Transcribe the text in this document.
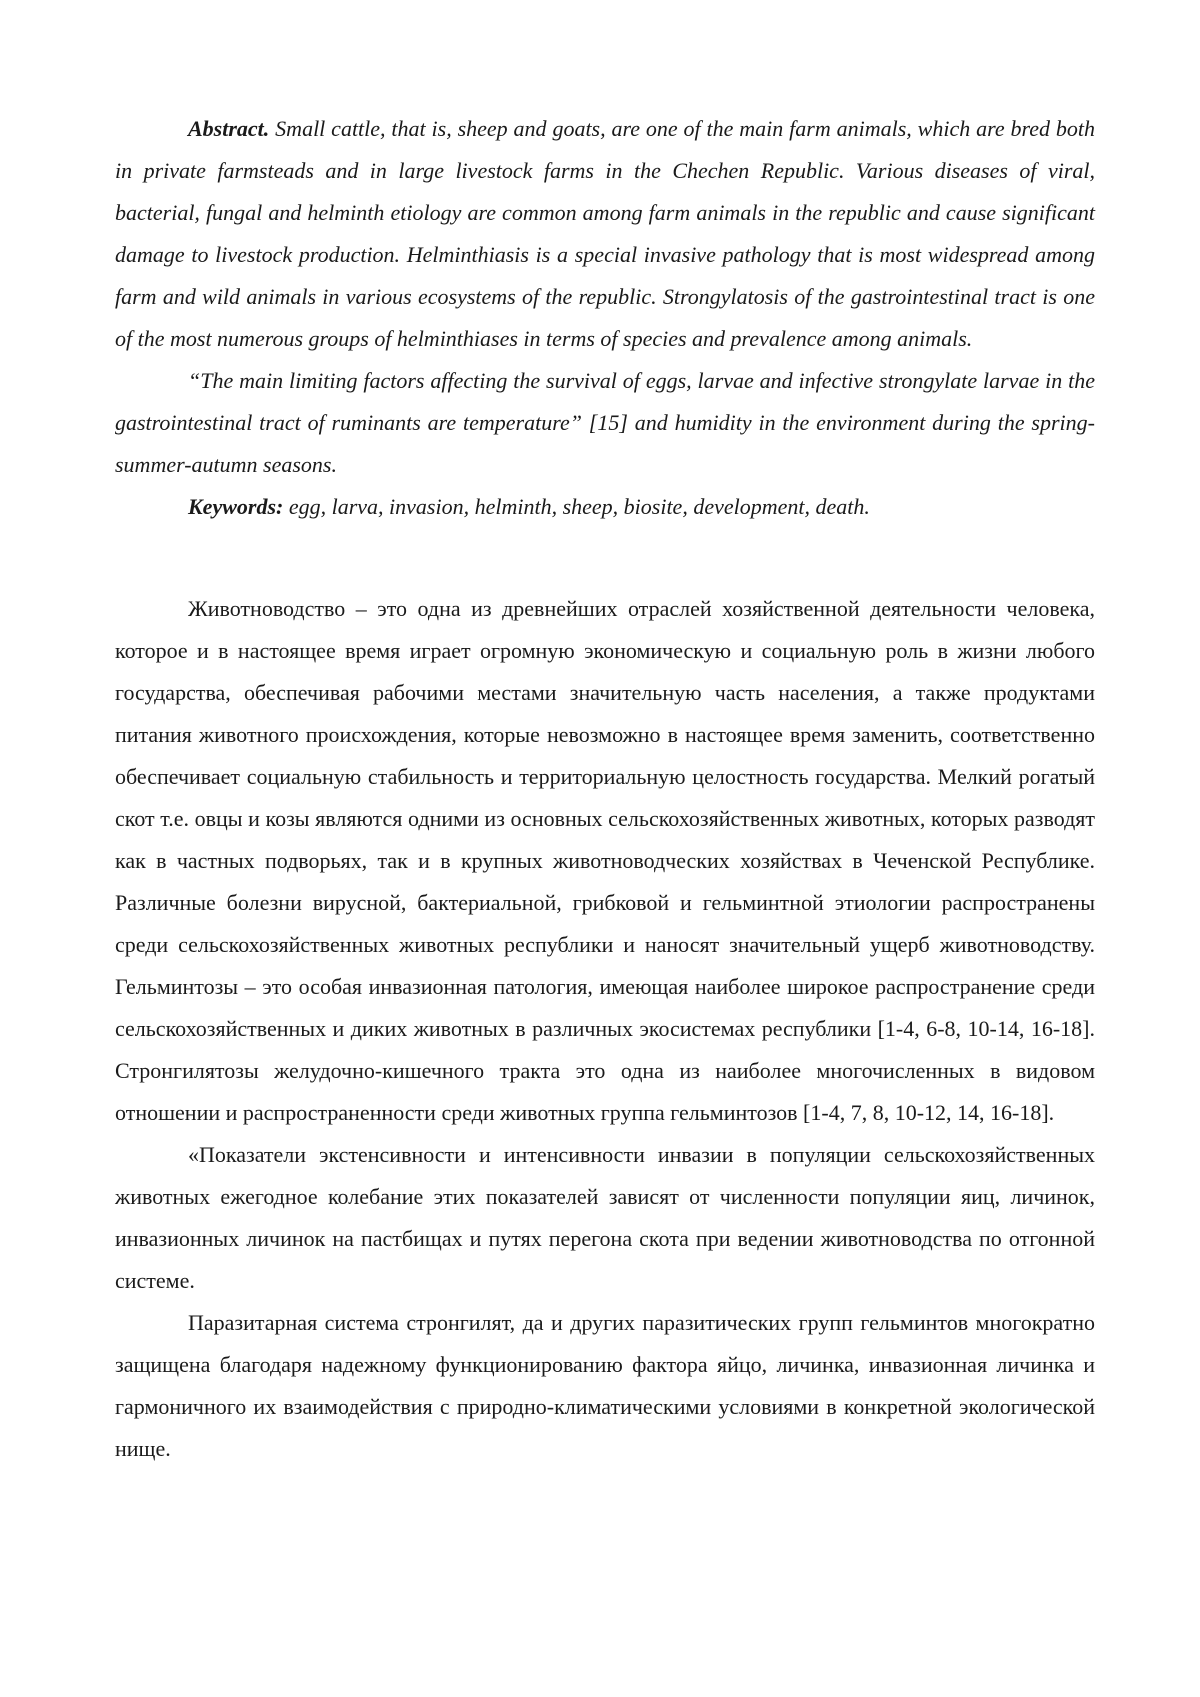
Abstract. Small cattle, that is, sheep and goats, are one of the main farm animals, which are bred both in private farmsteads and in large livestock farms in the Chechen Republic. Various diseases of viral, bacterial, fungal and helminth etiology are common among farm animals in the republic and cause significant damage to livestock production. Helminthiasis is a special invasive pathology that is most widespread among farm and wild animals in various ecosystems of the republic. Strongylatosis of the gastrointestinal tract is one of the most numerous groups of helminthiases in terms of species and prevalence among animals.

“The main limiting factors affecting the survival of eggs, larvae and infective strongylate larvae in the gastrointestinal tract of ruminants are temperature” [15] and humidity in the environment during the spring-summer-autumn seasons.

Keywords: egg, larva, invasion, helminth, sheep, biosite, development, death.

Животноводство – это одна из древнейших отраслей хозяйственной деятельности человека, которое и в настоящее время играет огромную экономическую и социальную роль в жизни любого государства, обеспечивая рабочими местами значительную часть населения, а также продуктами питания животного происхождения, которые невозможно в настоящее время заменить, соответственно обеспечивает социальную стабильность и территориальную целостность государства. Мелкий рогатый скот т.е. овцы и козы являются одними из основных сельскохозяйственных животных, которых разводят как в частных подворьях, так и в крупных животноводческих хозяйствах в Чеченской Республике. Различные болезни вирусной, бактериальной, грибковой и гельминтной этиологии распространены среди сельскохозяйственных животных республики и наносят значительный ущерб животноводству. Гельминтозы – это особая инвазионная патология, имеющая наиболее широкое распространение среди сельскохозяйственных и диких животных в различных экосистемах республики [1-4, 6-8, 10-14, 16-18]. Стронгилятозы желудочно-кишечного тракта это одна из наиболее многочисленных в видовом отношении и распространенности среди животных группа гельминтозов [1-4, 7, 8, 10-12, 14, 16-18].

«Показатели экстенсивности и интенсивности инвазии в популяции сельскохозяйственных животных ежегодное колебание этих показателей зависят от численности популяции яиц, личинок, инвазионных личинок на пастбищах и путях перегона скота при ведении животноводства по отгонной системе.

Паразитарная система стронгилят, да и других паразитических групп гельминтов многократно защищена благодаря надежному функционированию фактора яйцо, личинка, инвазионная личинка и гармоничного их взаимодействия с природно-климатическими условиями в конкретной экологической нище.
